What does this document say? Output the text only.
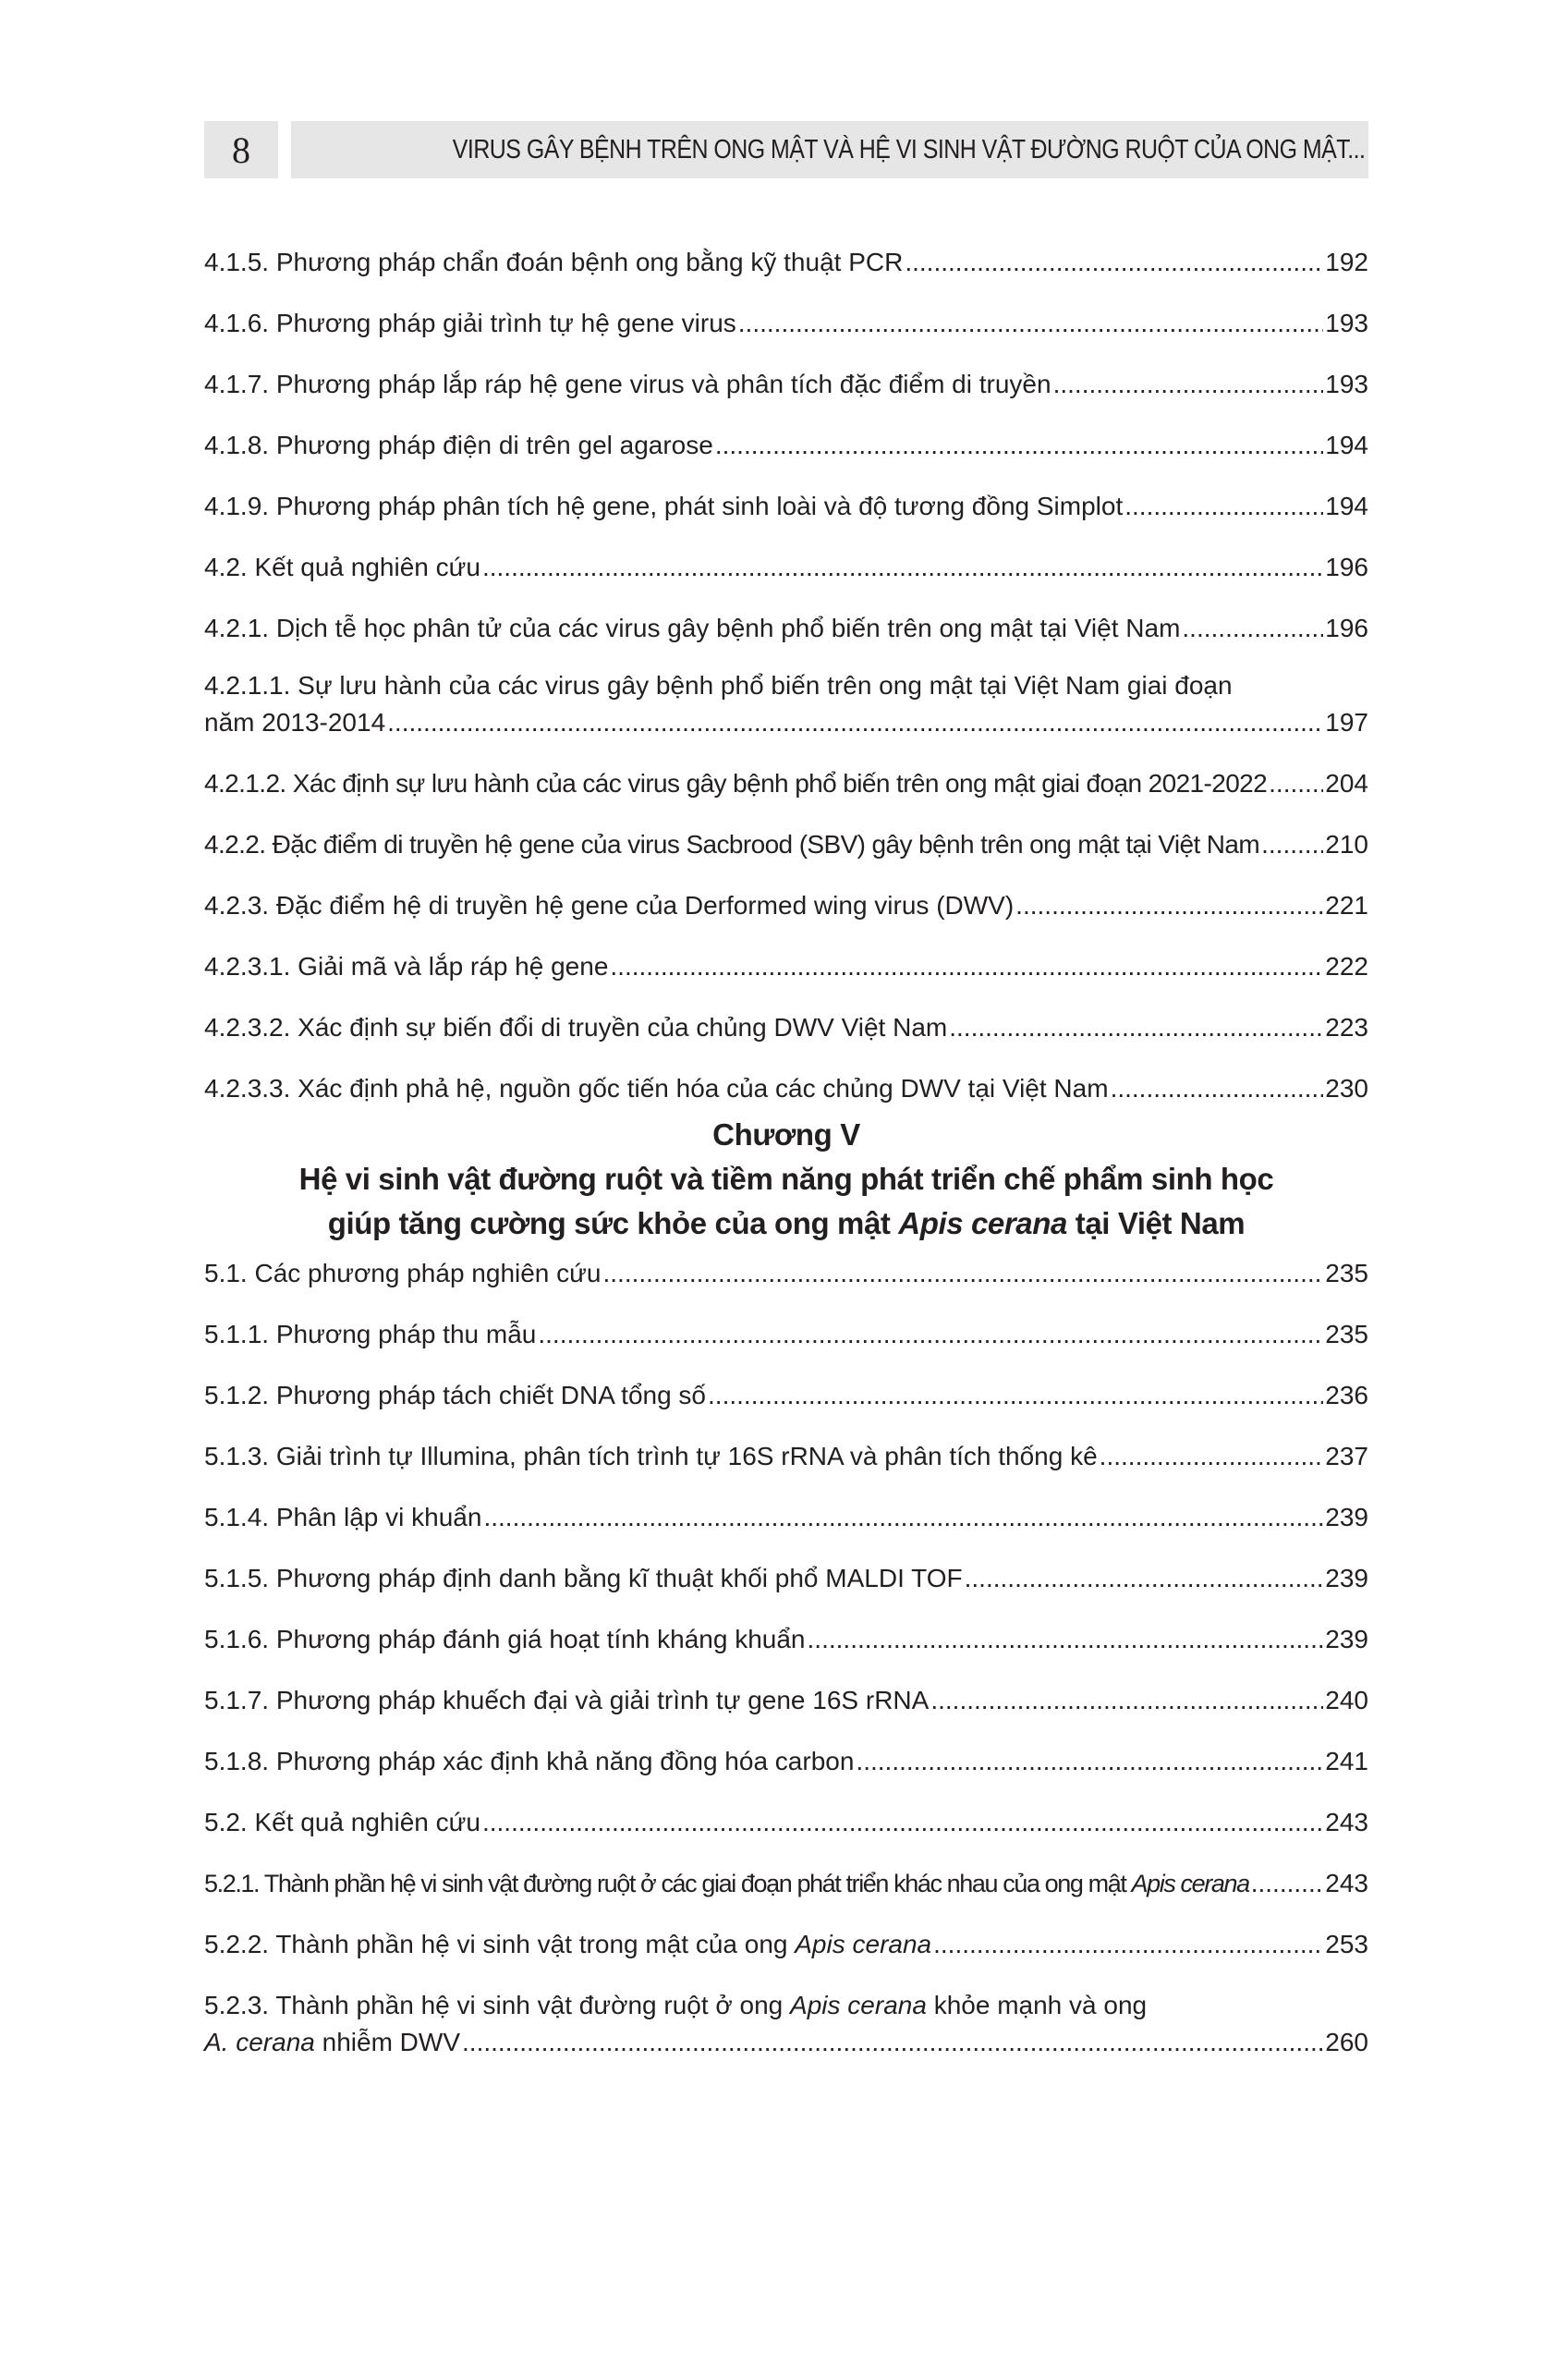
8	VIRUS GÂY BỆNH TRÊN ONG MẬT VÀ HỆ VI SINH VẬT ĐƯỜNG RUỘT CỦA ONG MẬT...
4.1.5. Phương pháp chẩn đoán bệnh ong bằng kỹ thuật PCR .....	192
4.1.6. Phương pháp giải trình tự hệ gene virus .....	193
4.1.7. Phương pháp lắp ráp hệ gene virus và phân tích đặc điểm di truyền .....	193
4.1.8. Phương pháp điện di trên gel agarose .....	194
4.1.9. Phương pháp phân tích hệ gene, phát sinh loài và độ tương đồng Simplot .....	194
4.2. Kết quả nghiên cứu .....	196
4.2.1. Dịch tễ học phân tử của các virus gây bệnh phổ biến trên ong mật tại Việt Nam .....	196
4.2.1.1. Sự lưu hành của các virus gây bệnh phổ biến trên ong mật tại Việt Nam giai đoạn
năm 2013-2014 .....	197
4.2.1.2. Xác định sự lưu hành của các virus gây bệnh phổ biến trên ong mật giai đoạn 2021-2022 ..... 204
4.2.2. Đặc điểm di truyền hệ gene của virus Sacbrood (SBV) gây bệnh trên ong mật tại Việt Nam .....	210
4.2.3. Đặc điểm hệ di truyền hệ gene của Derformed wing virus (DWV) .....	221
4.2.3.1. Giải mã và lắp ráp hệ gene .....	222
4.2.3.2. Xác định sự biến đổi di truyền của chủng DWV Việt Nam .....	223
4.2.3.3. Xác định phả hệ, nguồn gốc tiến hóa của các chủng DWV tại Việt Nam .....	230
Chương V
Hệ vi sinh vật đường ruột và tiềm năng phát triển chế phẩm sinh học
giúp tăng cường sức khỏe của ong mật Apis cerana tại Việt Nam
5.1. Các phương pháp nghiên cứu .....	235
5.1.1. Phương pháp thu mẫu .....	235
5.1.2. Phương pháp tách chiết DNA tổng số .....	236
5.1.3. Giải trình tự Illumina, phân tích trình tự 16S rRNA và phân tích thống kê .....	237
5.1.4. Phân lập vi khuẩn .....	239
5.1.5. Phương pháp định danh bằng kĩ thuật khối phổ MALDI TOF .....	239
5.1.6. Phương pháp đánh giá hoạt tính kháng khuẩn .....	239
5.1.7. Phương pháp khuếch đại và giải trình tự gene 16S rRNA .....	240
5.1.8. Phương pháp xác định khả năng đồng hóa carbon .....	241
5.2. Kết quả nghiên cứu .....	243
5.2.1. Thành phần hệ vi sinh vật đường ruột ở các giai đoạn phát triển khác nhau của ong mật Apis cerana .....	243
5.2.2. Thành phần hệ vi sinh vật trong mật của ong Apis cerana .....	253
5.2.3. Thành phần hệ vi sinh vật đường ruột ở ong Apis cerana khỏe mạnh và ong
A. cerana nhiễm DWV .....	260
